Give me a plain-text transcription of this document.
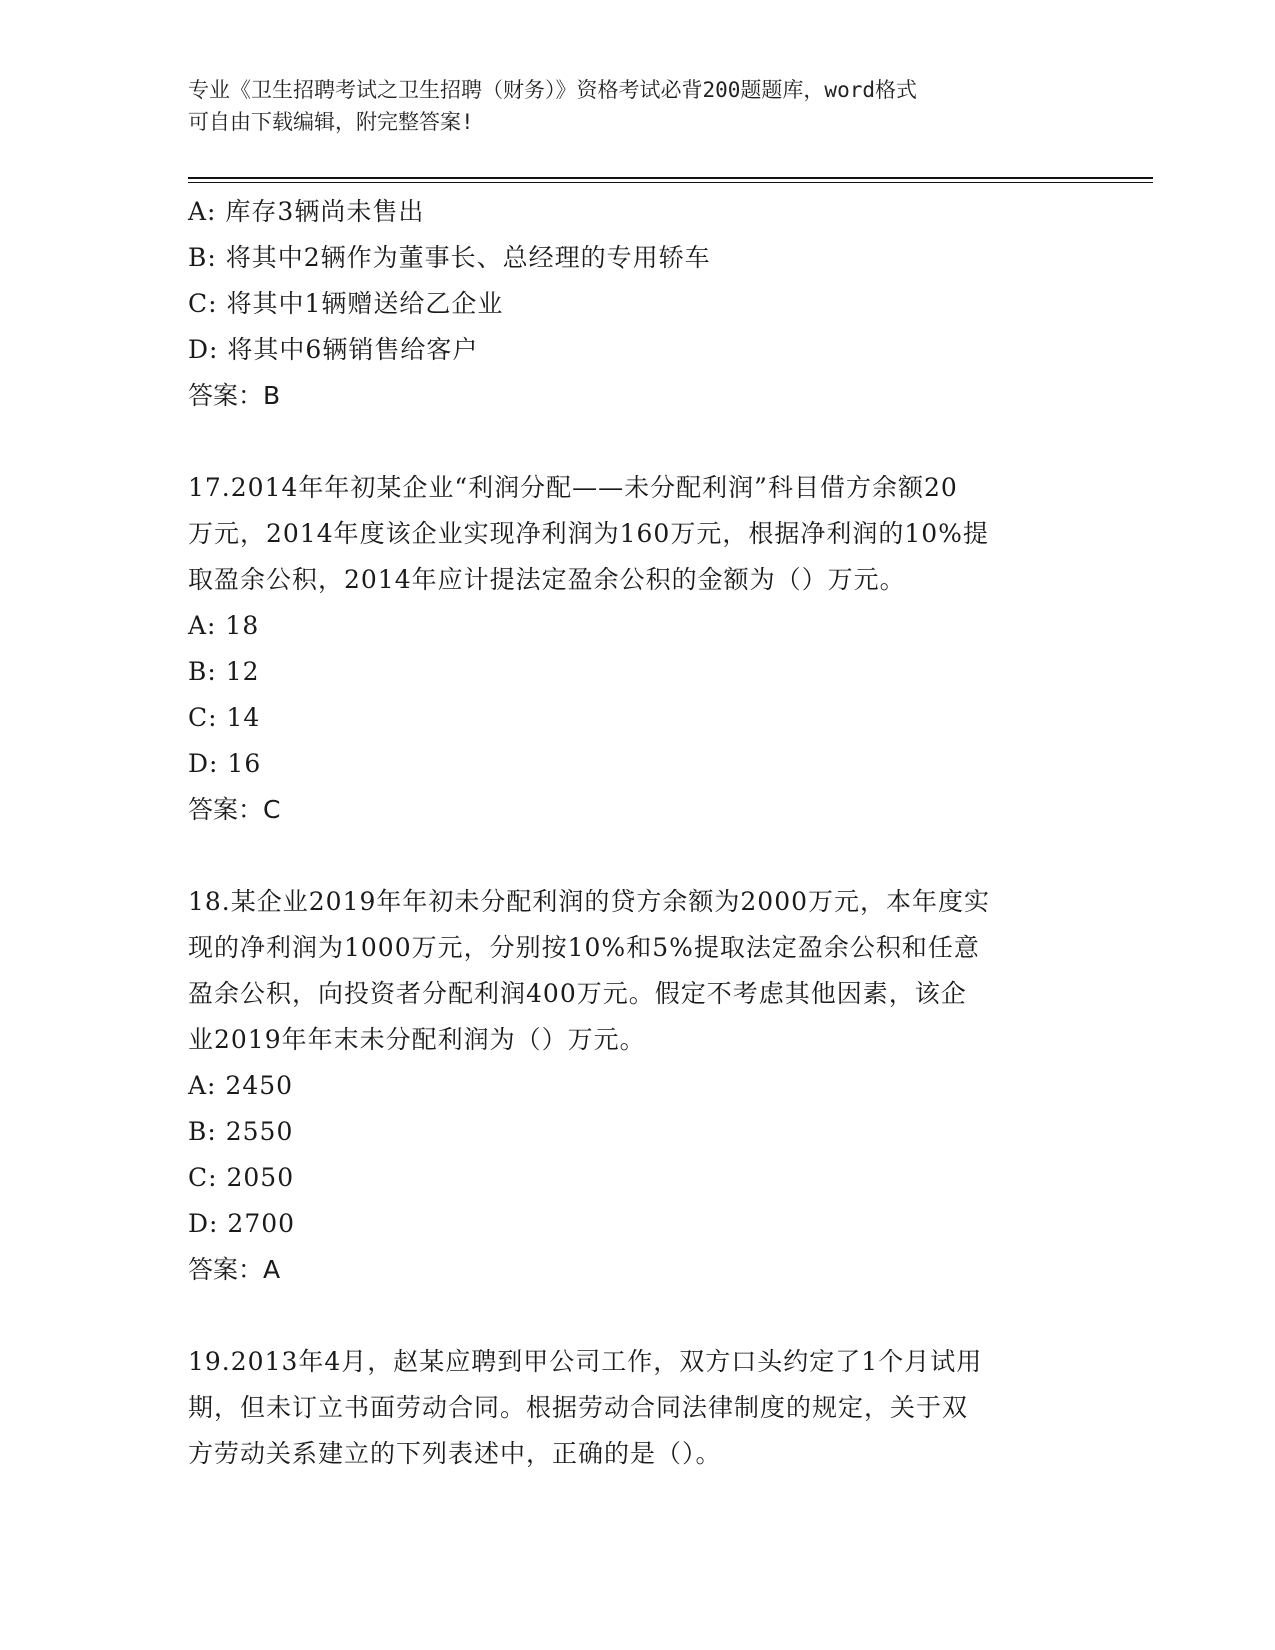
专业《卫生招聘考试之卫生招聘（财务）》资格考试必背200题题库，word格式
可自由下载编辑，附完整答案!

A: 库存3辆尚未售出

B: 将其中2辆作为董事长、总经理的专用轿车

C: 将其中1辆赠送给乙企业

D: 将其中6辆销售给客户

答案：B

17.2014年年初某企业“利润分配——未分配利润”科目借方余额20

万元，2014年度该企业实现净利润为160万元，根据净利润的10%提

取盈余公积，2014年应计提法定盈余公积的金额为（）万元。

A: 18

B: 12

C: 14

D: 16

答案：C

18.某企业2019年年初未分配利润的贷方余额为2000万元，本年度实

现的净利润为1000万元，分别按10%和5%提取法定盈余公积和任意

盈余公积，向投资者分配利润400万元。假定不考虑其他因素，该企

业2019年年末未分配利润为（）万元。

A: 2450

B: 2550

C: 2050

D: 2700

答案：A

19.2013年4月，赵某应聘到甲公司工作，双方口头约定了1个月试用

期，但未订立书面劳动合同。根据劳动合同法律制度的规定，关于双

方劳动关系建立的下列表述中，正确的是（）。
